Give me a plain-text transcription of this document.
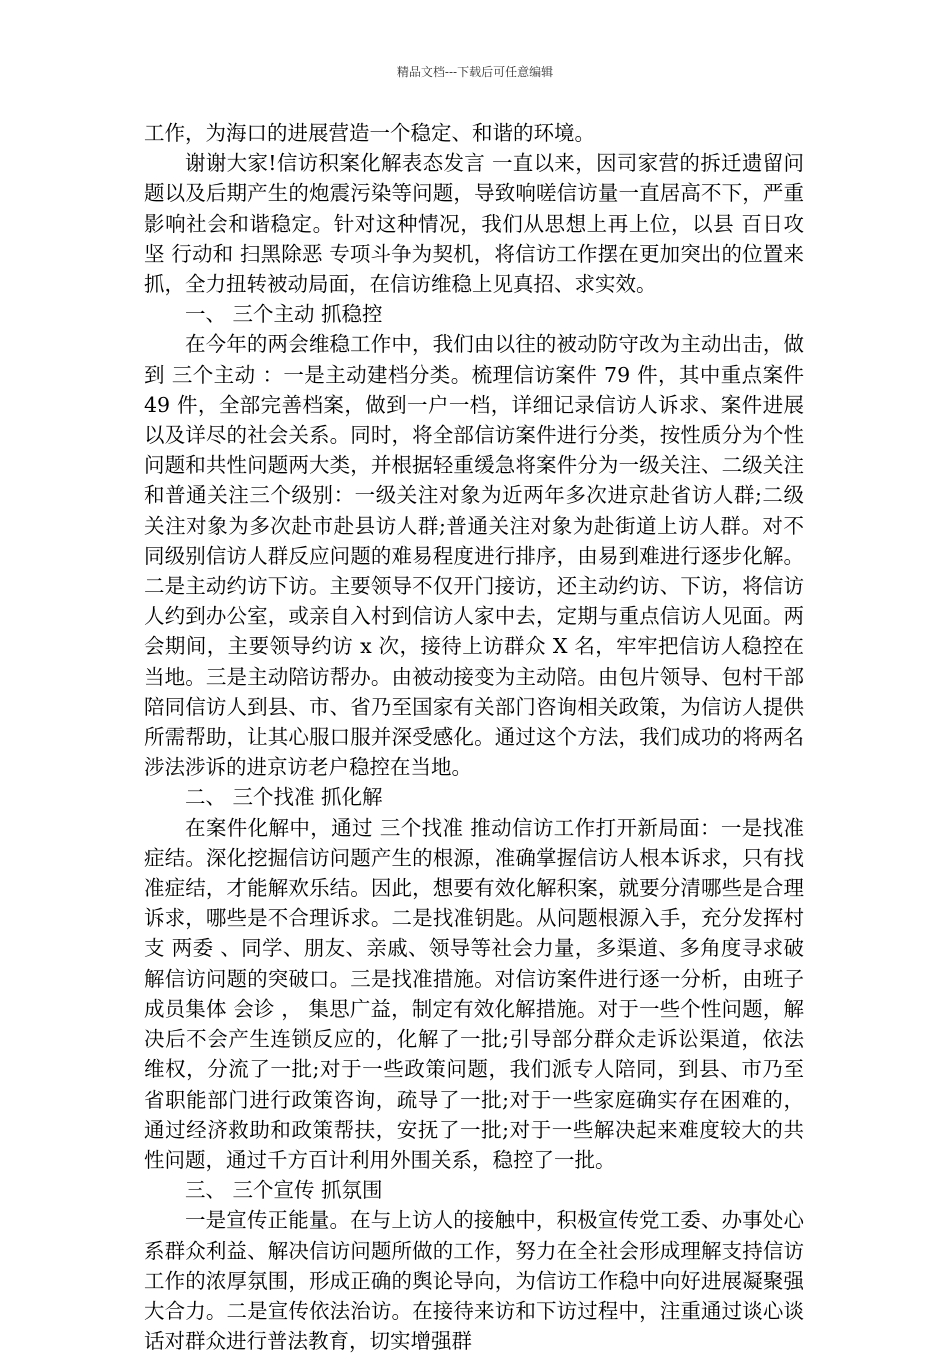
精品文档---下载后可任意编辑

工作，为海口的进展营造一个稳定、和谐的环境。

谢谢大家!信访积案化解表态发言 一直以来，因司家营的拆迁遗留问题以及后期产生的炮震污染等问题，导致响嗟信访量一直居高不下，严重影响社会和谐稳定。针对这种情况，我们从思想上再上位，以县 百日攻坚 行动和 扫黑除恶 专项斗争为契机，将信访工作摆在更加突出的位置来抓，全力扭转被动局面，在信访维稳上见真招、求实效。

一、 三个主动 抓稳控

在今年的两会维稳工作中，我们由以往的被动防守改为主动出击，做到 三个主动 ：一是主动建档分类。梳理信访案件 79 件，其中重点案件 49 件，全部完善档案，做到一户一档，详细记录信访人诉求、案件进展以及详尽的社会关系。同时，将全部信访案件进行分类，按性质分为个性问题和共性问题两大类，并根据轻重缓急将案件分为一级关注、二级关注和普通关注三个级别：一级关注对象为近两年多次进京赴省访人群;二级关注对象为多次赴市赴县访人群;普通关注对象为赴街道上访人群。对不同级别信访人群反应问题的难易程度进行排序，由易到难进行逐步化解。二是主动约访下访。主要领导不仅开门接访，还主动约访、下访，将信访人约到办公室，或亲自入村到信访人家中去，定期与重点信访人见面。两会期间，主要领导约访 x 次，接待上访群众 X 名，牢牢把信访人稳控在当地。三是主动陪访帮办。由被动接变为主动陪。由包片领导、包村干部陪同信访人到县、市、省乃至国家有关部门咨询相关政策，为信访人提供所需帮助，让其心服口服并深受感化。通过这个方法，我们成功的将两名涉法涉诉的进京访老户稳控在当地。

二、 三个找准 抓化解

在案件化解中，通过 三个找准 推动信访工作打开新局面：一是找准症结。深化挖掘信访问题产生的根源，准确掌握信访人根本诉求，只有找准症结，才能解欢乐结。因此，想要有效化解积案，就要分清哪些是合理诉求，哪些是不合理诉求。二是找准钥匙。从问题根源入手，充分发挥村支 两委 、同学、朋友、亲戚、领导等社会力量，多渠道、多角度寻求破解信访问题的突破口。三是找准措施。对信访案件进行逐一分析，由班子成员集体 会诊 ， 集思广益，制定有效化解措施。对于一些个性问题，解决后不会产生连锁反应的，化解了一批;引导部分群众走诉讼渠道，依法维权，分流了一批;对于一些政策问题，我们派专人陪同，到县、市乃至省职能部门进行政策咨询，疏导了一批;对于一些家庭确实存在困难的，通过经济救助和政策帮扶，安抚了一批;对于一些解决起来难度较大的共性问题，通过千方百计利用外围关系，稳控了一批。

三、 三个宣传 抓氛围

一是宣传正能量。在与上访人的接触中，积极宣传党工委、办事处心系群众利益、解决信访问题所做的工作，努力在全社会形成理解支持信访工作的浓厚氛围，形成正确的舆论导向，为信访工作稳中向好进展凝聚强大合力。二是宣传依法治访。在接待来访和下访过程中，注重通过谈心谈话对群众进行普法教育，切实增强群
